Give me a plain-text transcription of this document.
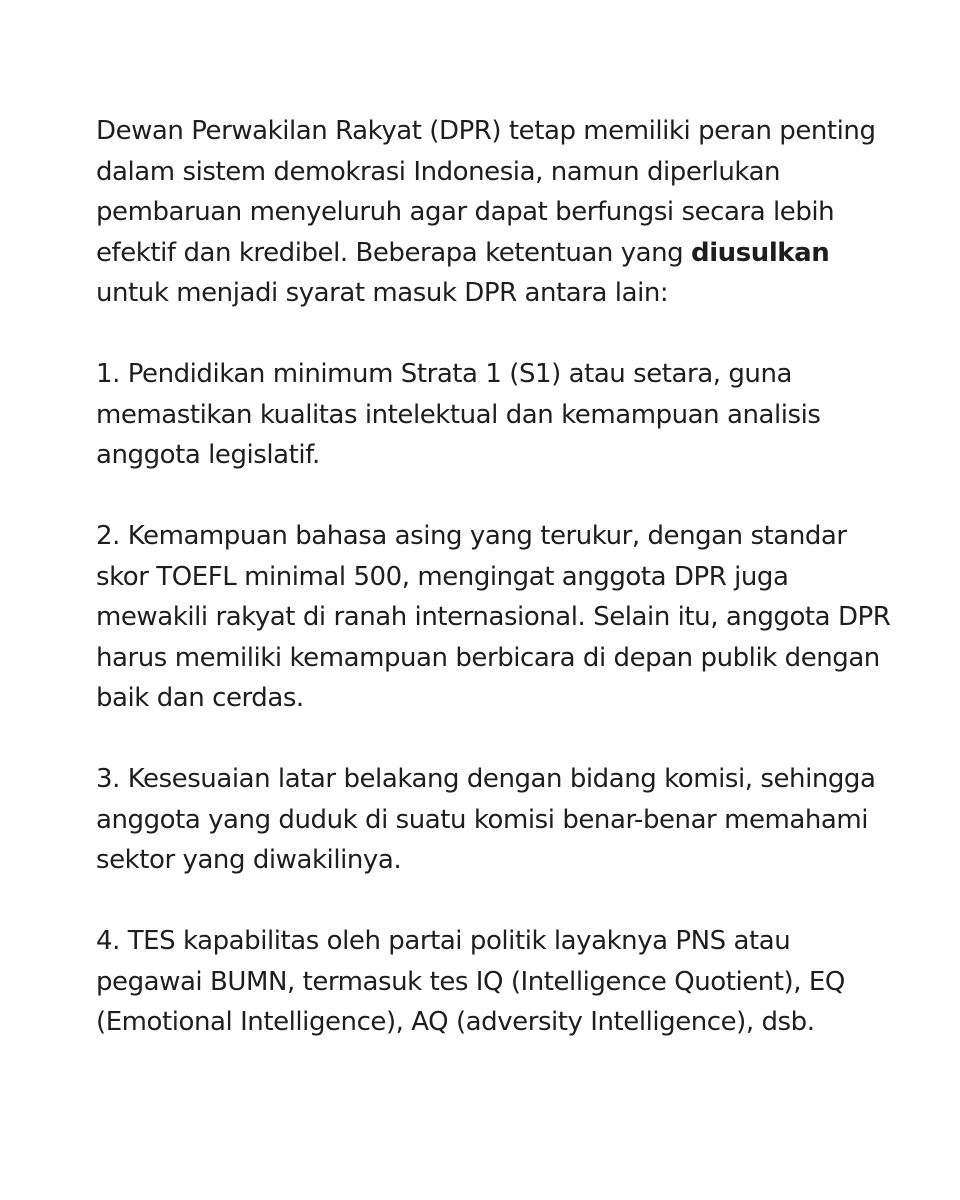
Dewan Perwakilan Rakyat (DPR) tetap memiliki peran penting dalam sistem demokrasi Indonesia, namun diperlukan pembaruan menyeluruh agar dapat berfungsi secara lebih efektif dan kredibel. Beberapa ketentuan yang diusulkan untuk menjadi syarat masuk DPR antara lain:

1. Pendidikan minimum Strata 1 (S1) atau setara, guna memastikan kualitas intelektual dan kemampuan analisis anggota legislatif.

2. Kemampuan bahasa asing yang terukur, dengan standar skor TOEFL minimal 500, mengingat anggota DPR juga mewakili rakyat di ranah internasional. Selain itu, anggota DPR harus memiliki kemampuan berbicara di depan publik dengan baik dan cerdas.

3. Kesesuaian latar belakang dengan bidang komisi, sehingga anggota yang duduk di suatu komisi benar-benar memahami sektor yang diwakilinya.

4. TES kapabilitas oleh partai politik layaknya PNS atau pegawai BUMN, termasuk tes IQ (Intelligence Quotient), EQ (Emotional Intelligence), AQ (adversity Intelligence), dsb.
